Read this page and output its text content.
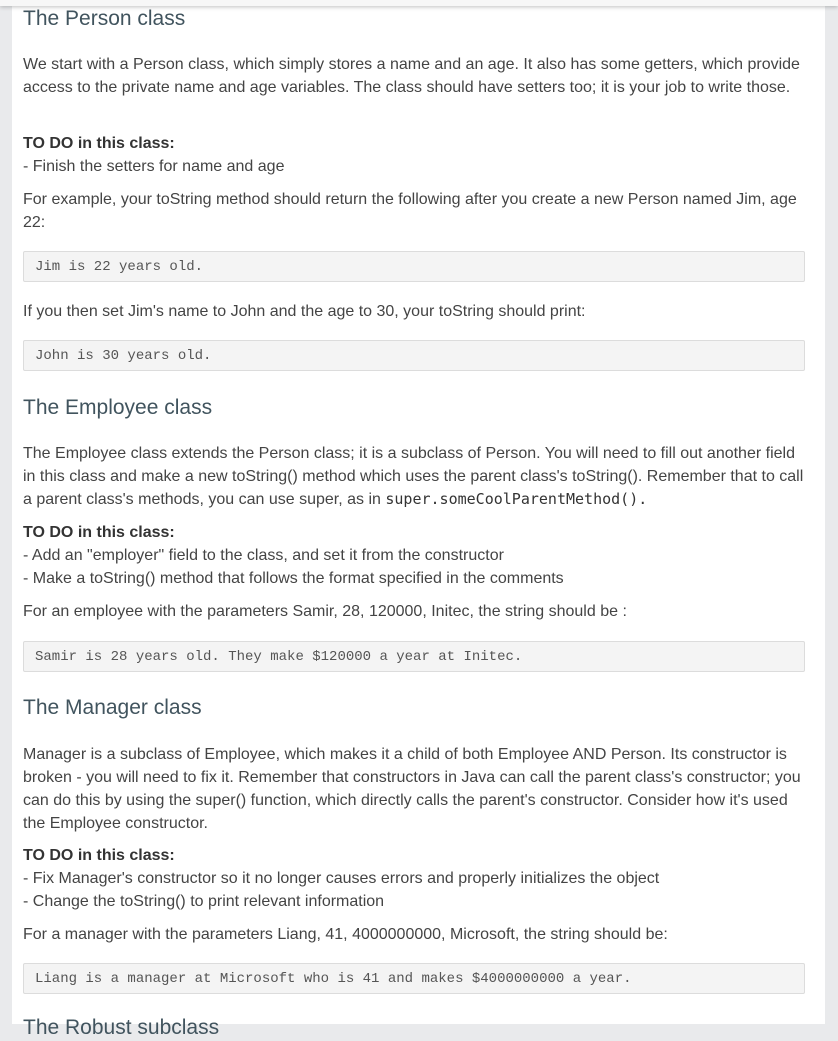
The Person class

We start with a Person class, which simply stores a name and an age. It also has some getters, which provide access to the private name and age variables. The class should have setters too; it is your job to write those.

TO DO in this class:

- Finish the setters for name and age

For example, your toString method should return the following after you create a new Person named Jim, age 22:

Jim is 22 years old.

If you then set Jim's name to John and the age to 30, your toString should print:

John is 30 years old.
The Employee class

The Employee class extends the Person class; it is a subclass of Person. You will need to fill out another field in this class and make a new toString() method which uses the parent class's toString(). Remember that to call a parent class's methods, you can use super, as in super.someCoolParentMethod().

TO DO in this class:

- Add an "employer" field to the class, and set it from the constructor

- Make a toString() method that follows the format specified in the comments

For an employee with the parameters Samir, 28, 120000, Initec, the string should be :

Samir is 28 years old. They make $120000 a year at Initec.
The Manager class

Manager is a subclass of Employee, which makes it a child of both Employee AND Person. Its constructor is broken - you will need to fix it. Remember that constructors in Java can call the parent class's constructor; you can do this by using the super() function, which directly calls the parent's constructor. Consider how it's used the Employee constructor.

TO DO in this class:

- Fix Manager's constructor so it no longer causes errors and properly initializes the object

- Change the toString() to print relevant information

For a manager with the parameters Liang, 41, 4000000000, Microsoft, the string should be:

Liang is a manager at Microsoft who is 41 and makes $4000000000 a year.
The Robust subclass
